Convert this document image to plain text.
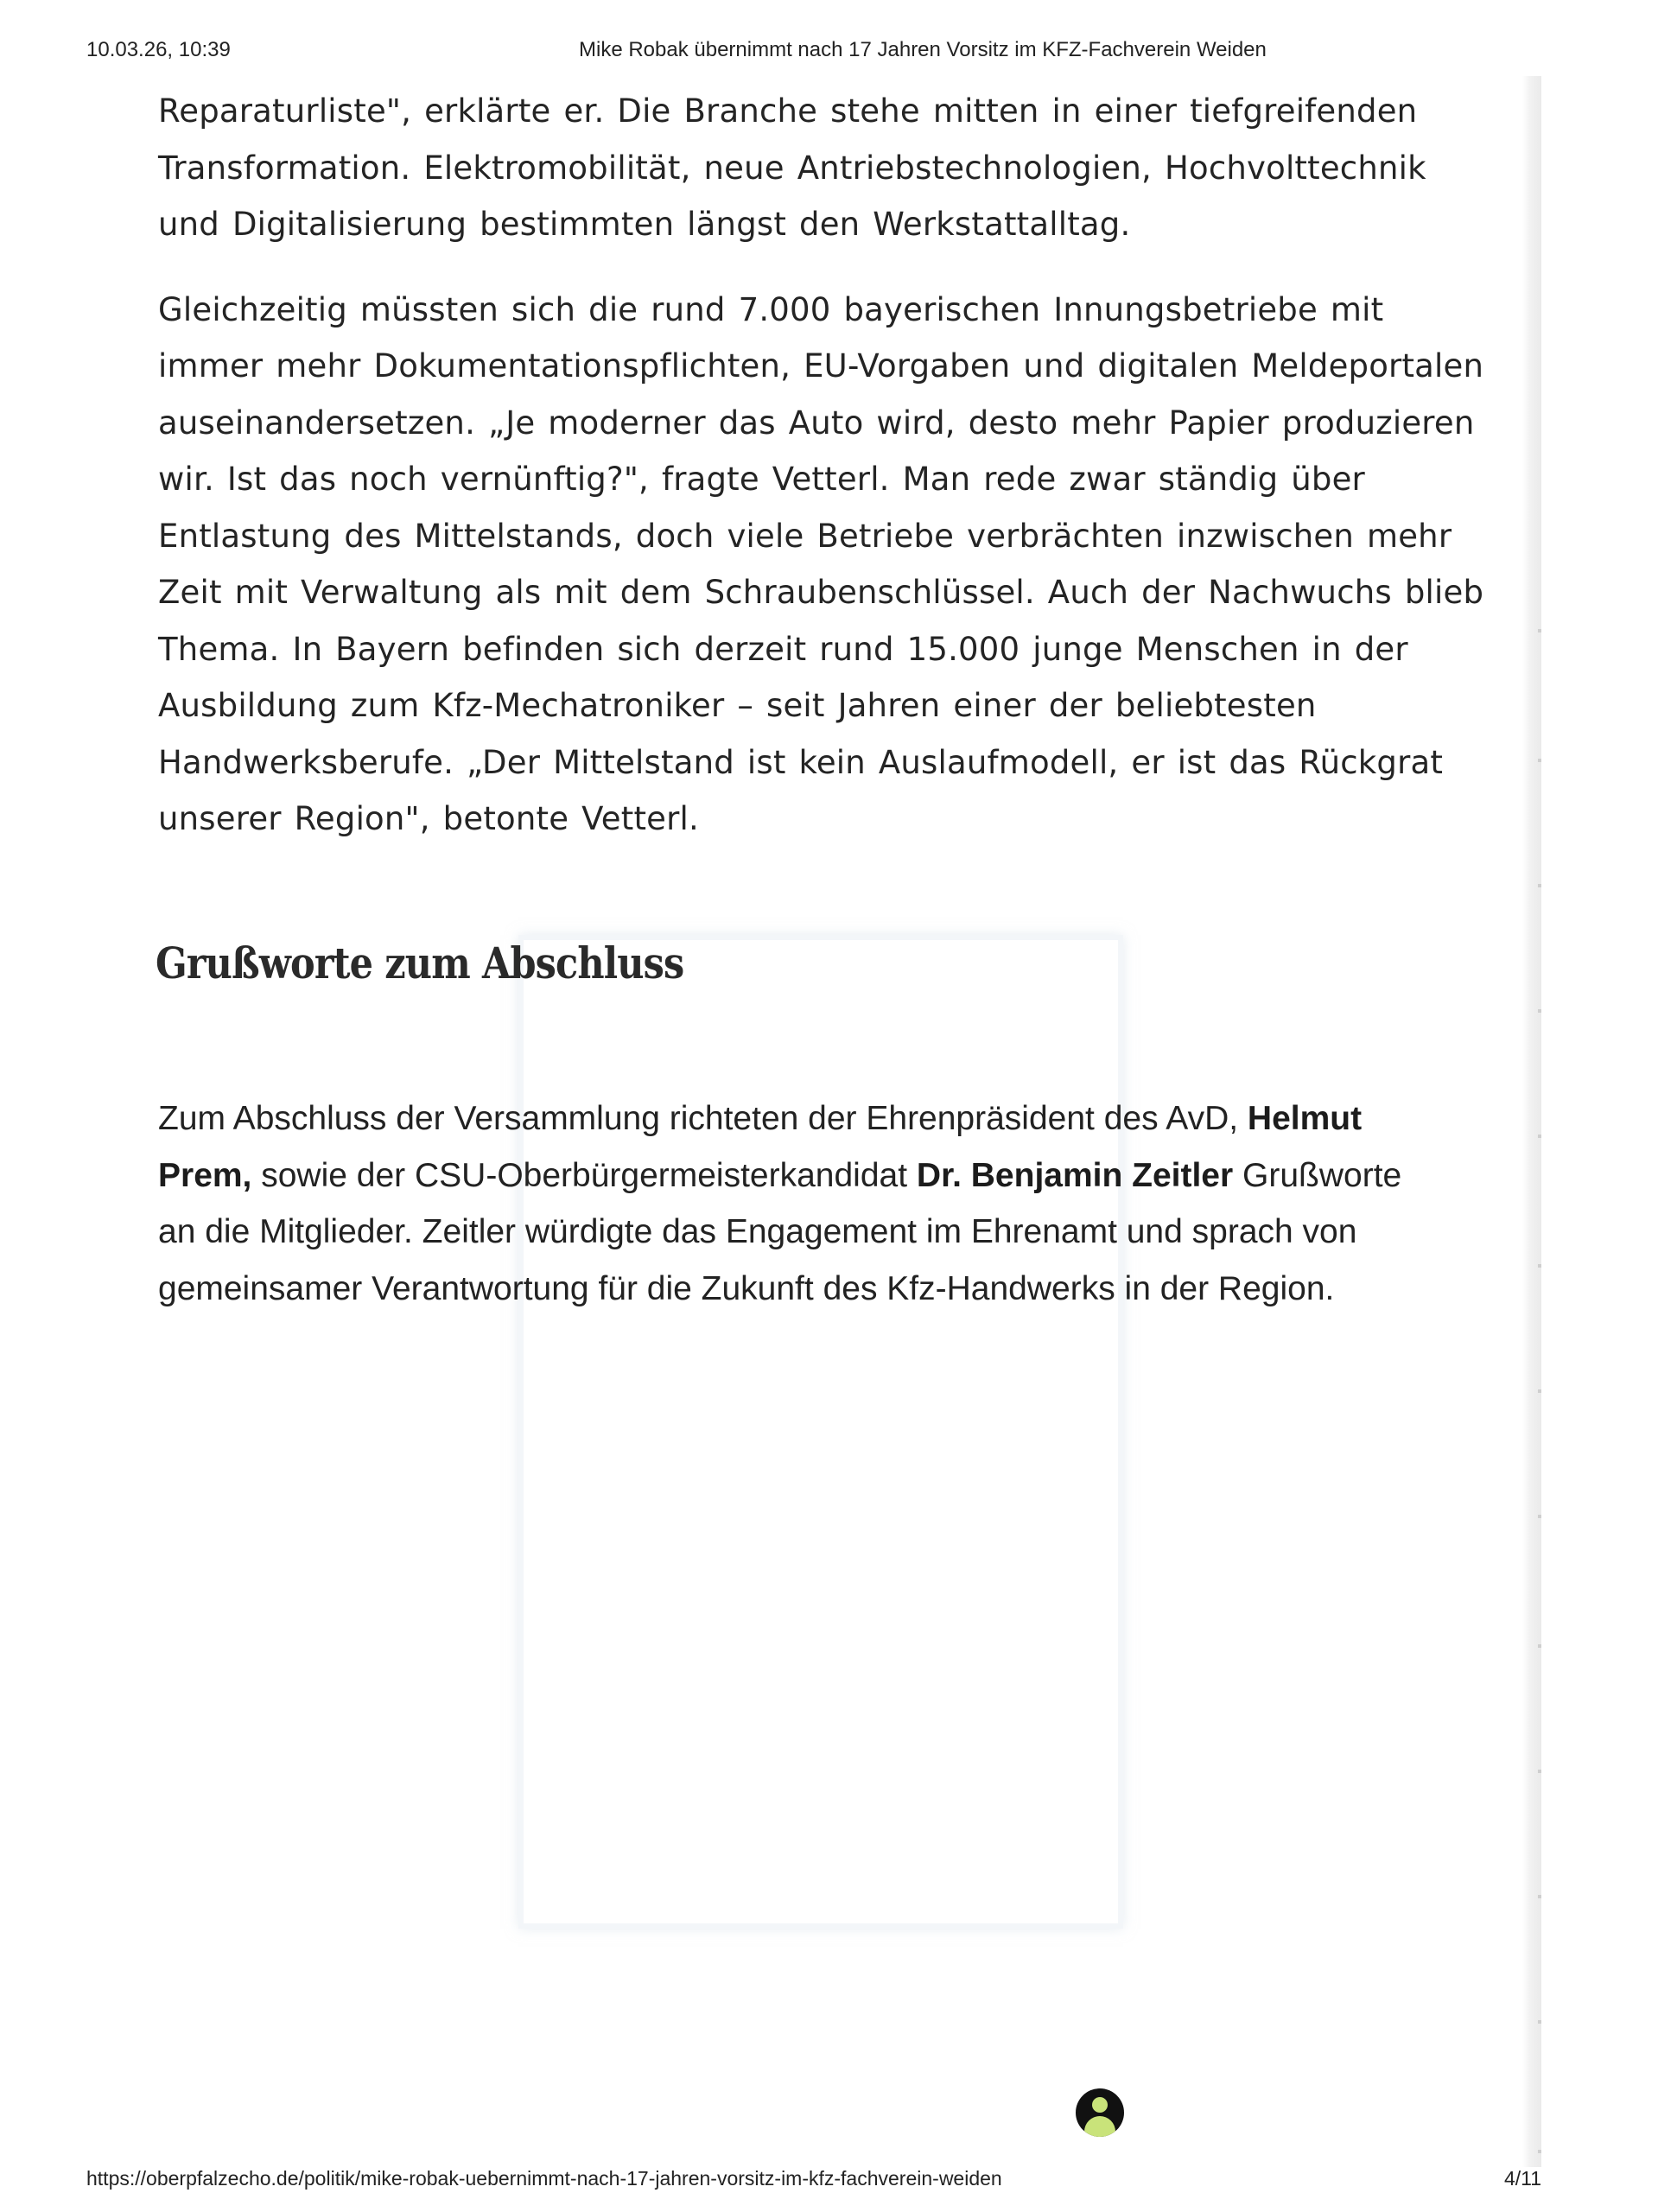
10.03.26, 10:39	Mike Robak übernimmt nach 17 Jahren Vorsitz im KFZ-Fachverein Weiden

Reparaturliste", erklärte er. Die Branche stehe mitten in einer tiefgreifenden Transformation. Elektromobilität, neue Antriebstechnologien, Hochvolttechnik und Digitalisierung bestimmten längst den Werkstattalltag.

Gleichzeitig müssten sich die rund 7.000 bayerischen Innungsbetriebe mit immer mehr Dokumentationspflichten, EU-Vorgaben und digitalen Meldeportalen auseinandersetzen. „Je moderner das Auto wird, desto mehr Papier produzieren wir. Ist das noch vernünftig?", fragte Vetterl. Man rede zwar ständig über Entlastung des Mittelstands, doch viele Betriebe verbrächten inzwischen mehr Zeit mit Verwaltung als mit dem Schraubenschlüssel. Auch der Nachwuchs blieb Thema. In Bayern befinden sich derzeit rund 15.000 junge Menschen in der Ausbildung zum Kfz-Mechatroniker – seit Jahren einer der beliebtesten Handwerksberufe. „Der Mittelstand ist kein Auslaufmodell, er ist das Rückgrat unserer Region", betonte Vetterl.

Grußworte zum Abschluss

Zum Abschluss der Versammlung richteten der Ehrenpräsident des AvD, Helmut Prem, sowie der CSU-Oberbürgermeisterkandidat Dr. Benjamin Zeitler Grußworte an die Mitglieder. Zeitler würdigte das Engagement im Ehrenamt und sprach von gemeinsamer Verantwortung für die Zukunft des Kfz-Handwerks in der Region.

https://oberpfalzecho.de/politik/mike-robak-uebernimmt-nach-17-jahren-vorsitz-im-kfz-fachverein-weiden	4/11
